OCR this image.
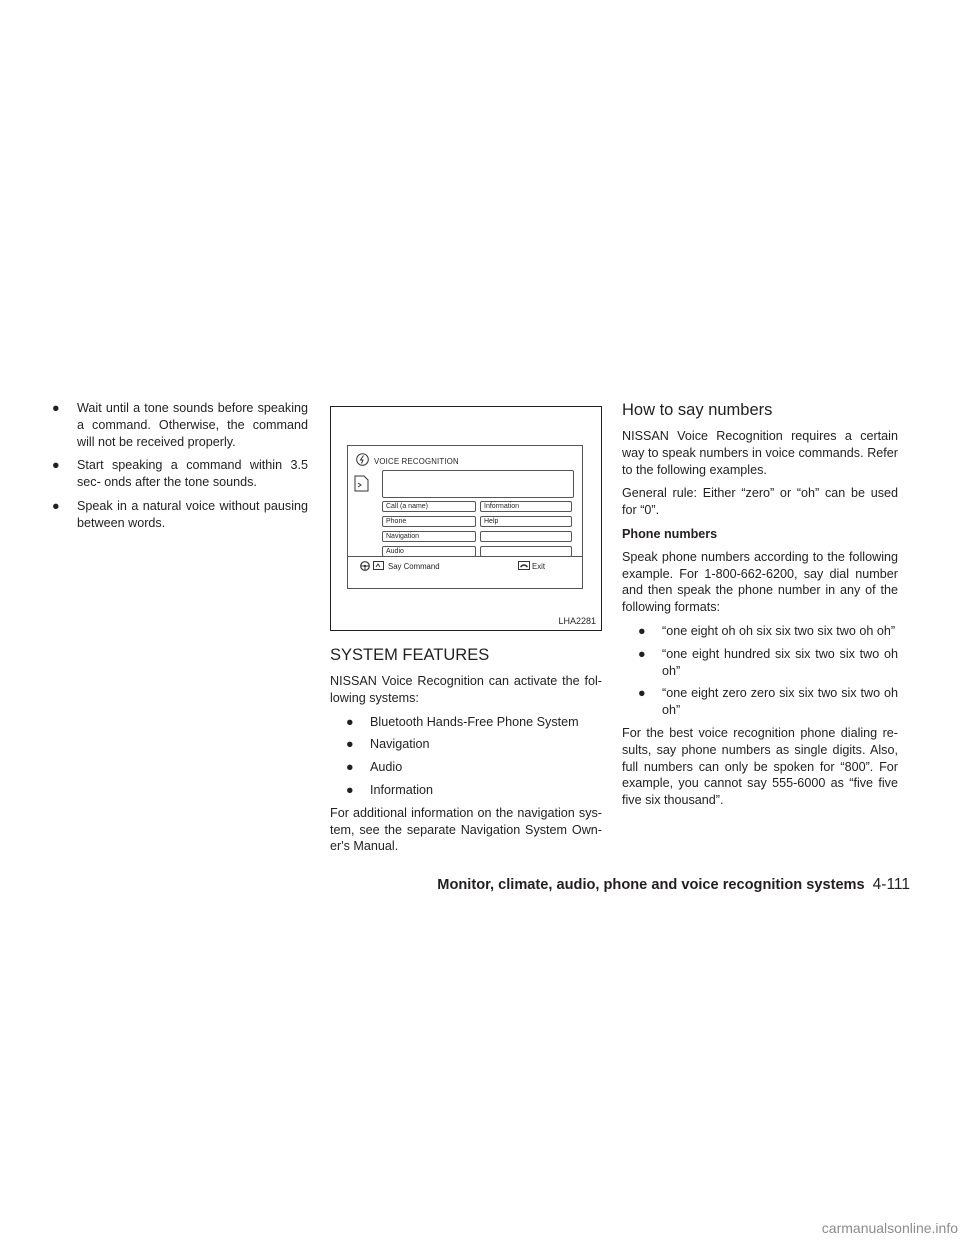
●	Wait until a tone sounds before speaking a command. Otherwise, the command will not be received properly.
●	Start speaking a command within 3.5 sec- onds after the tone sounds.
●	Speak in a natural voice without pausing between words.
VOICE RECOGNITION
Call (a name)	Information
Phone	Help
Navigation
Audio
Say Command	Exit
LHA2281
SYSTEM FEATURES

NISSAN Voice Recognition can activate the fol- lowing systems:

●	Bluetooth Hands-Free Phone System
●	Navigation
●	Audio
●	Information

For additional information on the navigation sys- tem, see the separate Navigation System Own- er's Manual.

How to say numbers

NISSAN Voice Recognition requires a certain way to speak numbers in voice commands. Refer to the following examples.

General rule: Either “zero” or “oh” can be used for “0”.

Phone numbers

Speak phone numbers according to the following example. For 1-800-662-6200, say dial number and then speak the phone number in any of the following formats:

●	“one eight oh oh six six two six two oh oh”
●	“one eight hundred six six two six two oh oh”
●	“one eight zero zero six six two six two oh oh”

For the best voice recognition phone dialing re- sults, say phone numbers as single digits. Also, full numbers can only be spoken for “800”. For example, you cannot say 555-6000 as “five five five six thousand”.

Monitor, climate, audio, phone and voice recognition systems 4-111
carmanualsonline.info
